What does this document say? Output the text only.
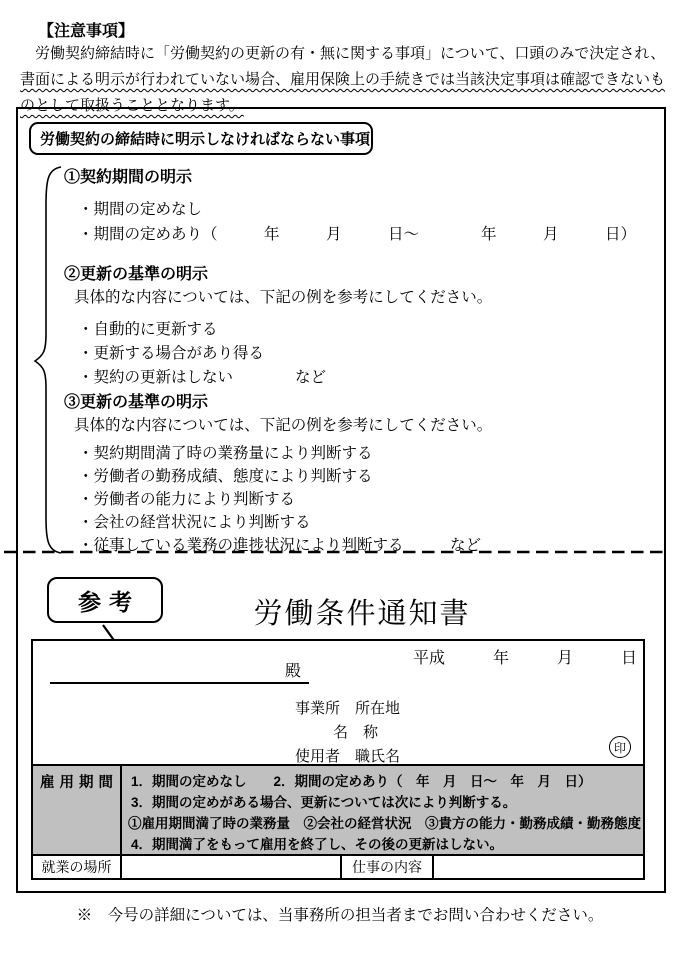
【注意事項】
　労働契約締結時に「労働契約の更新の有・無に関する事項」について、口頭のみで決定され、
書面による明示が行われていない場合、雇用保険上の手続きでは当該決定事項は確認できないも
のとして取扱うこととなります。
労働契約の締結時に明示しなければならない事項
①契約期間の明示
・期間の定めなし
・期間の定めあり（　　　年　　　月　　　日～　　　　年　　　月　　　日）
②更新の基準の明示
具体的な内容については、下記の例を参考にしてください。
・自動的に更新する
・更新する場合があり得る
・契約の更新はしない　　　　など
③更新の基準の明示
具体的な内容については、下記の例を参考にしてください。
・契約期間満了時の業務量により判断する
・労働者の勤務成績、態度により判断する
・労働者の能力により判断する
・会社の経営状況により判断する
・従事している業務の進捗状況により判断する　　　など
参考	労働条件通知書
平成　　　年　　　月　　　日
殿
事業所　所在地
名　称
使用者　職氏名
印
雇用期間 1．期間の定めなし　　2．期間の定めあり（　年　月　日～　年　月　日）
3．期間の定めがある場合、更新については次により判断する。
①雇用期間満了時の業務量　②会社の経営状況　③貴方の能力・勤務成績・勤務態度
4．期間満了をもって雇用を終了し、その後の更新はしない。
就業の場所	仕事の内容
※　今号の詳細については、当事務所の担当者までお問い合わせください。
